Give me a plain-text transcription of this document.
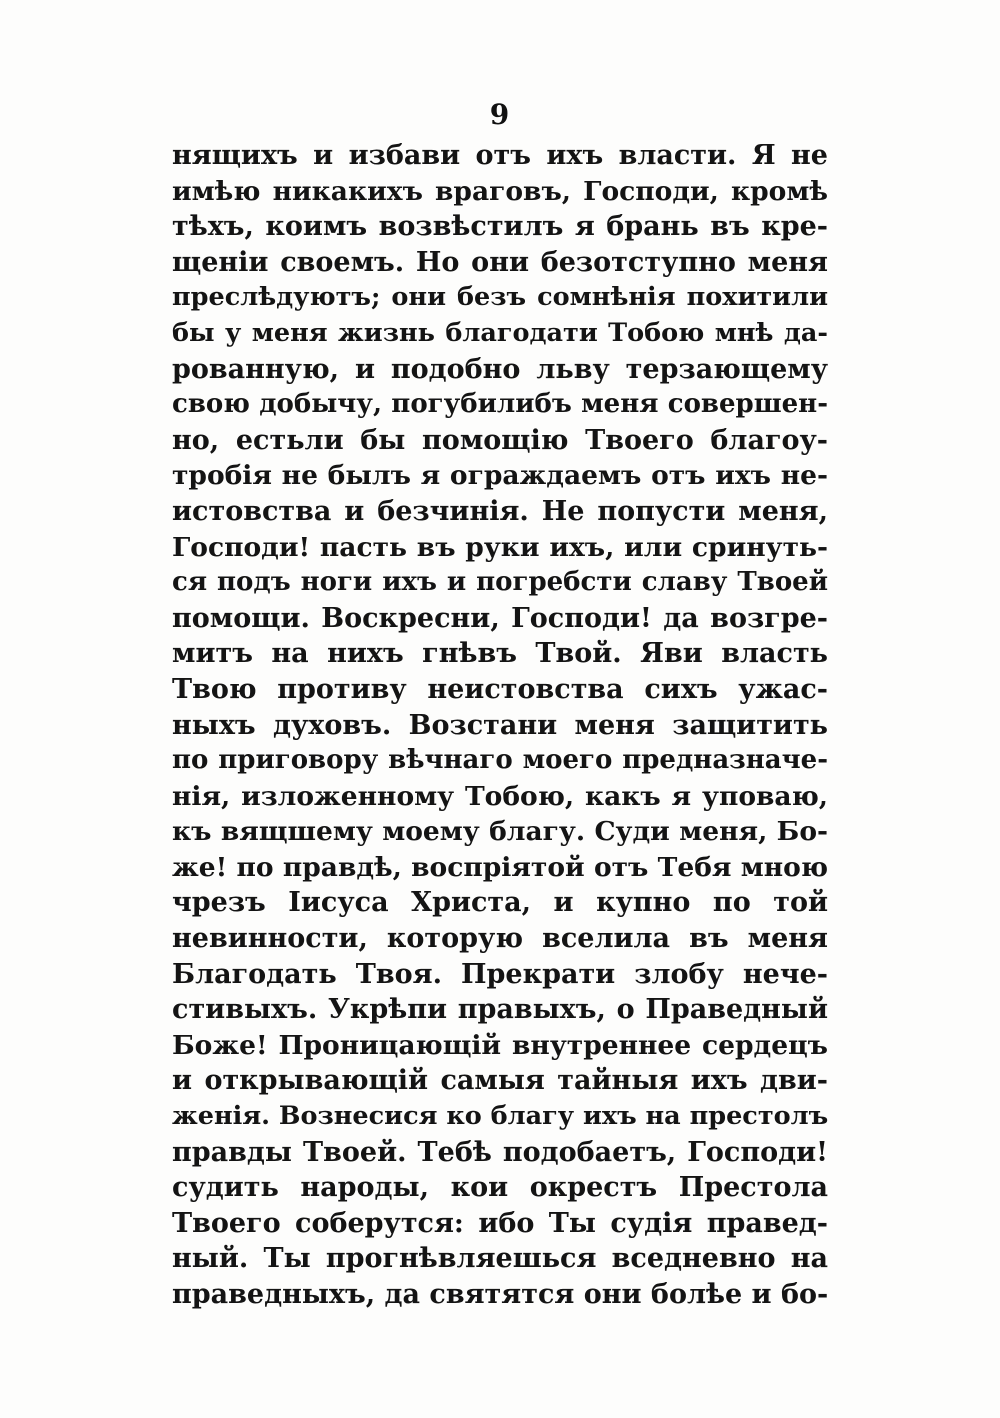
9
нящихъ и избави отъ ихъ власти. Я не
имѣю никакихъ враговъ, Господи, кромѣ
тѣхъ, коимъ возвѣстилъ я брань въ кре-
щеніи своемъ. Но они безотступно меня
преслѣдуютъ; они безъ сомнѣнія похитили
бы у меня жизнь благодати Тобою мнѣ да-
рованную, и подобно льву терзающему
свою добычу, погубилибъ меня совершен-
но, естьли бы помощію Твоего благоу-
тробія не былъ я ограждаемъ отъ ихъ не-
истовства и безчинія. Не попусти меня,
Господи! пасть въ руки ихъ, или сринуть-
ся подъ ноги ихъ и погребсти славу Твоей
помощи. Воскресни, Господи! да возгре-
митъ на нихъ гнѣвъ Твой. Яви власть
Твою противу неистовства сихъ ужас-
ныхъ духовъ. Возстани меня защитить
по приговору вѣчнаго моего предназначе-
нія, изложенному Тобою, какъ я уповаю,
къ вящшему моему благу. Суди меня, Бо-
же! по правдѣ, воспріятой отъ Тебя мною
чрезъ Іисуса Христа, и купно по той
невинности, которую вселила въ меня
Благодать Твоя. Прекрати злобу нече-
стивыхъ. Укрѣпи правыхъ, о Праведный
Боже! Проницающій внутреннее сердецъ
и открывающій самыя тайныя ихъ дви-
женія. Вознесися ко благу ихъ на престолъ
правды Твоей. Тебѣ подобаетъ, Господи!
судить народы, кои окрестъ Престола
Твоего соберутся: ибо Ты судія правед-
ный. Ты прогнѣвляешься вседневно на
праведныхъ, да святятся они болѣе и бо-
